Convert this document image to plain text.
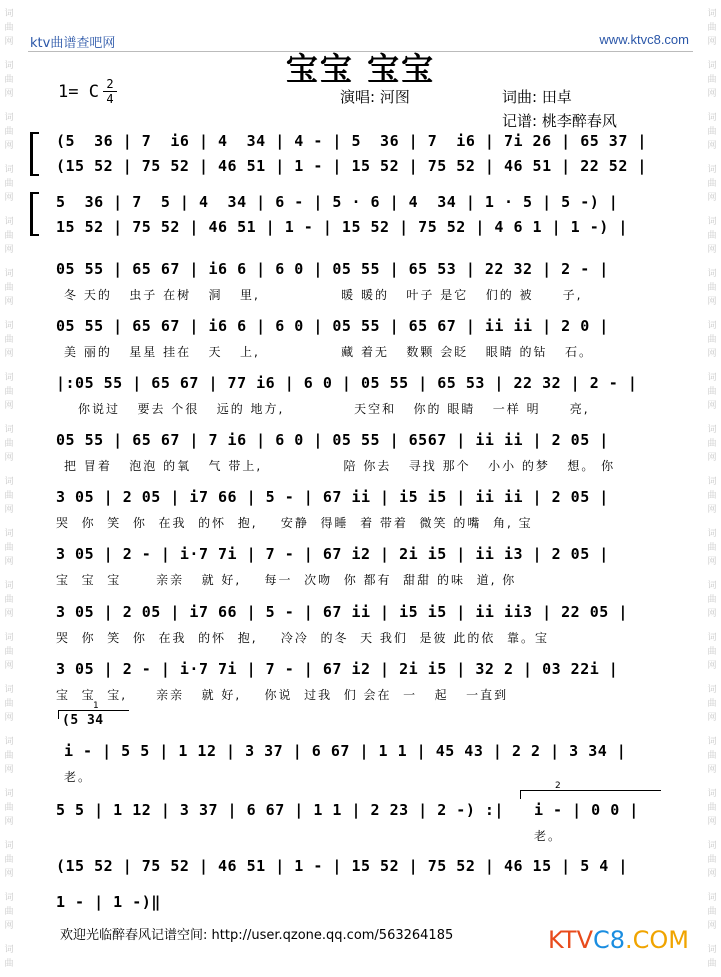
词
曲
网
词
曲
网
词
曲
网
词
曲
网
词
曲
网
词
曲
网
词
曲
网
词
曲
网
词
曲
网
词
曲
网
词
曲
网
词
曲
网
词
曲
网
词
曲
网
词
曲
网
词
曲
网
词
曲
网
词
曲
网
词
曲
词
曲
网
词
曲
网
词
曲
网
词
曲
网
词
曲
网
词
曲
网
词
曲
网
词
曲
网
词
曲
网
词
曲
网
词
曲
网
词
曲
网
词
曲
网
词
曲
网
词
曲
网
词
曲
网
词
曲
网
词
曲
网
词
曲
ktv曲谱查吧网	www.ktvc8.com
宝宝 宝宝
1= C 2
4	演唱: 河图	词曲: 田卓
记谱: 桃李醉春风
(5  36 | 7  i6 | 4  34 | 4 - | 5  36 | 7  i6 | 7i 26 | 65 37 |
(15 52 | 75 52 | 46 51 | 1 - | 15 52 | 75 52 | 46 51 | 22 52 |
5  36 | 7  5 | 4  34 | 6 - | 5 · 6 | 4  34 | 1 · 5 | 5 -) |
15 52 | 75 52 | 46 51 | 1 - | 15 52 | 75 52 | 4 6 1 | 1 -) |
05 55 | 65 67 | i6 6 | 6 0 | 05 55 | 65 53 | 22 32 | 2 - |
冬 天的   虫子 在树   洞   里,              暖 暖的   叶子 是它   们的 被     子,
05 55 | 65 67 | i6 6 | 6 0 | 05 55 | 65 67 | ii ii | 2 0 |
美 丽的   星星 挂在   天   上,              藏 着无   数颗 会眨   眼睛 的钻   石。
|:05 55 | 65 67 | 77 i6 | 6 0 | 05 55 | 65 53 | 22 32 | 2 - |
你说过   要去 个很   远的 地方,            天空和   你的 眼睛   一样 明     亮,
05 55 | 65 67 | 7 i6 | 6 0 | 05 55 | 6567 | ii ii | 2 05 |
把 冒着   泡泡 的氧   气 带上,              陪 你去   寻找 那个   小小 的梦   想。 你
3 05 | 2 05 | i7 66 | 5 - | 67 ii | i5 i5 | ii ii | 2 05 |
哭  你  笑  你  在我  的怀  抱,    安静  得睡  着 带着  微笑 的嘴  角, 宝
3 05 | 2 - | i·7 7i | 7 - | 67 i2 | 2i i5 | ii i3 | 2 05 |
宝  宝  宝      亲亲   就 好,    每一  次吻  你 都有  甜甜 的味  道, 你
3 05 | 2 05 | i7 66 | 5 - | 67 ii | i5 i5 | ii ii3 | 22 05 |
哭  你  笑  你  在我  的怀  抱,    冷冷  的冬  天 我们  是彼 此的依  靠。宝
3 05 | 2 - | i·7 7i | 7 - | 67 i2 | 2i i5 | 32 2 | 03 22i |
宝  宝  宝,     亲亲   就 好,    你说  过我  们 会在  一   起   一直到
1
(5 34
i - | 5 5 | 1 12 | 3 37 | 6 67 | 1 1 | 45 43 | 2 2 | 3 34 |
老。
5 5 | 1 12 | 3 37 | 6 67 | 1 1 | 2 23 | 2 -) :|
2
i - | 0 0 |
老。
(15 52 | 75 52 | 46 51 | 1 - | 15 52 | 75 52 | 46 15 | 5 4 |
1 - | 1 -)‖
欢迎光临醉春风记谱空间: http://user.qzone.qq.com/563264185	KTVC8.COM
